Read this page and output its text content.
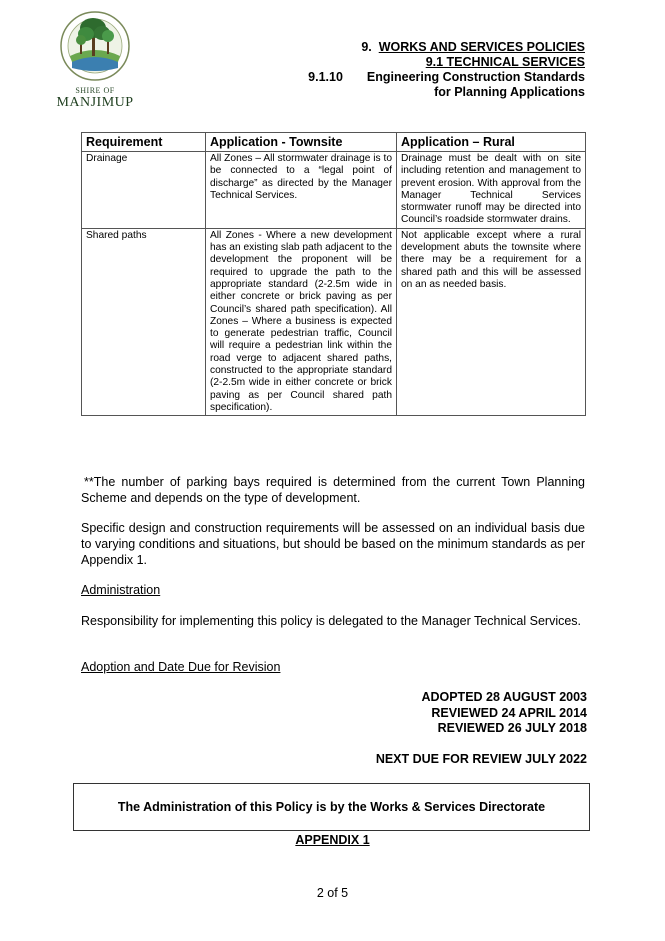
SHIRE OF
MANJIMUP
9. WORKS AND SERVICES POLICIES
9.1 TECHNICAL SERVICES
9.1.10 Engineering Construction Standards
for Planning Applications
Requirement	Application - Townsite	Application – Rural
Drainage	All Zones – All stormwater drainage is to be connected to a “legal point of discharge” as directed by the Manager Technical Services.	Drainage must be dealt with on site including retention and management to prevent erosion. With approval from the Manager Technical Services stormwater runoff may be directed into Council’s roadside stormwater drains.
Shared paths	All Zones - Where a new development has an existing slab path adjacent to the development the proponent will be required to upgrade the path to the appropriate standard (2-2.5m wide in either concrete or brick paving as per Council’s shared path specification). All Zones – Where a business is expected to generate pedestrian traffic, Council will require a pedestrian link within the road verge to adjacent shared paths, constructed to the appropriate standard (2-2.5m wide in either concrete or brick paving as per Council shared path specification).	Not applicable except where a rural development abuts the townsite where there may be a requirement for a shared path and this will be assessed on an as needed basis.
**The number of parking bays required is determined from the current Town Planning Scheme and depends on the type of development.
Specific design and construction requirements will be assessed on an individual basis due to varying conditions and situations, but should be based on the minimum standards as per Appendix 1.
Administration
Responsibility for implementing this policy is delegated to the Manager Technical Services.
Adoption and Date Due for Revision
ADOPTED 28 AUGUST 2003
REVIEWED 24 APRIL 2014
REVIEWED 26 JULY 2018
NEXT DUE FOR REVIEW JULY 2022
The Administration of this Policy is by the Works & Services Directorate
APPENDIX 1
2 of 5
